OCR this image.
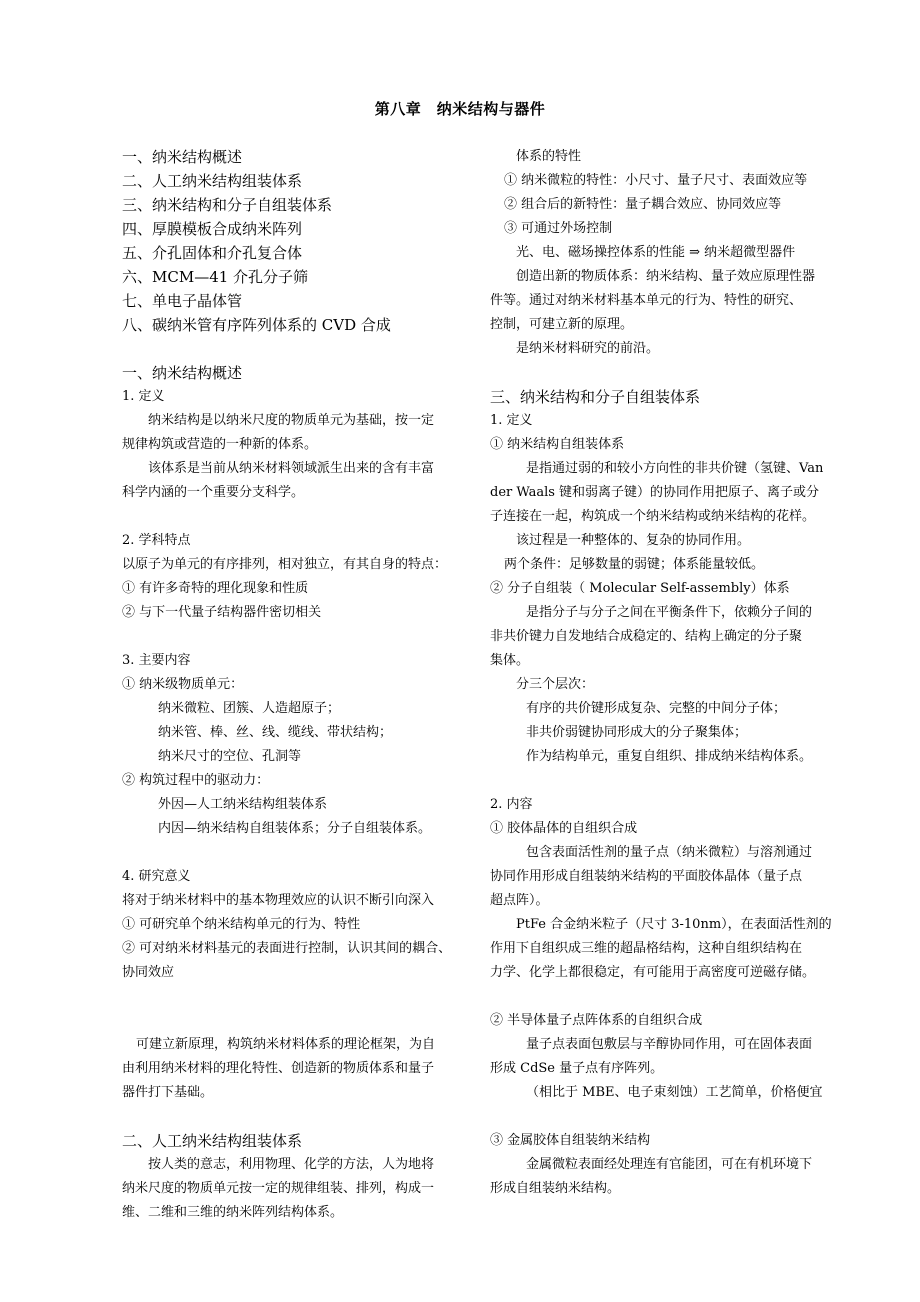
第八章　纳米结构与器件
一、纳米结构概述
二、人工纳米结构组装体系
三、纳米结构和分子自组装体系
四、厚膜模板合成纳米阵列
五、介孔固体和介孔复合体
六、MCM—41 介孔分子筛
七、单电子晶体管
八、碳纳米管有序阵列体系的 CVD 合成
一、纳米结构概述
1. 定义
纳米结构是以纳米尺度的物质单元为基础，按一定
规律构筑或营造的一种新的体系。
该体系是当前从纳米材料领域派生出来的含有丰富
科学内涵的一个重要分支科学。
2. 学科特点
以原子为单元的有序排列，相对独立，有其自身的特点：
① 有许多奇特的理化现象和性质
② 与下一代量子结构器件密切相关
3. 主要内容
① 纳米级物质单元：
纳米微粒、团簇、人造超原子；
纳米管、棒、丝、线、缆线、带状结构；
纳米尺寸的空位、孔洞等
② 构筑过程中的驱动力：
外因—人工纳米结构组装体系
内因—纳米结构自组装体系；分子自组装体系。
4. 研究意义
将对于纳米材料中的基本物理效应的认识不断引向深入
① 可研究单个纳米结构单元的行为、特性
② 可对纳米材料基元的表面进行控制，认识其间的耦合、
协同效应
可建立新原理，构筑纳米材料体系的理论框架，为自
由利用纳米材料的理化特性、创造新的物质体系和量子
器件打下基础。
二、人工纳米结构组装体系
按人类的意志，利用物理、化学的方法，人为地将
纳米尺度的物质单元按一定的规律组装、排列，构成一
维、二维和三维的纳米阵列结构体系。
体系的特性
① 纳米微粒的特性：小尺寸、量子尺寸、表面效应等
② 组合后的新特性：量子耦合效应、协同效应等
③ 可通过外场控制
光、电、磁场操控体系的性能 ⇒ 纳米超微型器件
创造出新的物质体系：纳米结构、量子效应原理性器
件等。通过对纳米材料基本单元的行为、特性的研究、
控制，可建立新的原理。
是纳米材料研究的前沿。
三、纳米结构和分子自组装体系
1. 定义
① 纳米结构自组装体系
是指通过弱的和较小方向性的非共价键（氢键、Van
der Waals 键和弱离子键）的协同作用把原子、离子或分
子连接在一起，构筑成一个纳米结构或纳米结构的花样。
该过程是一种整体的、复杂的协同作用。
两个条件：足够数量的弱键；体系能量较低。
② 分子自组装（ Molecular Self-assembly）体系
是指分子与分子之间在平衡条件下，依赖分子间的
非共价键力自发地结合成稳定的、结构上确定的分子聚
集体。
分三个层次：
有序的共价键形成复杂、完整的中间分子体；
非共价弱键协同形成大的分子聚集体；
作为结构单元，重复自组织、排成纳米结构体系。
2. 内容
① 胶体晶体的自组织合成
包含表面活性剂的量子点（纳米微粒）与溶剂通过
协同作用形成自组装纳米结构的平面胶体晶体（量子点
超点阵）。
PtFe 合金纳米粒子（尺寸 3-10nm），在表面活性剂的
作用下自组织成三维的超晶格结构，这种自组织结构在
力学、化学上都很稳定，有可能用于高密度可逆磁存储。
② 半导体量子点阵体系的自组织合成
量子点表面包敷层与辛醇协同作用，可在固体表面
形成 CdSe 量子点有序阵列。
（相比于 MBE、电子束刻蚀）工艺简单，价格便宜
③ 金属胶体自组装纳米结构
金属微粒表面经处理连有官能团，可在有机环境下
形成自组装纳米结构。
